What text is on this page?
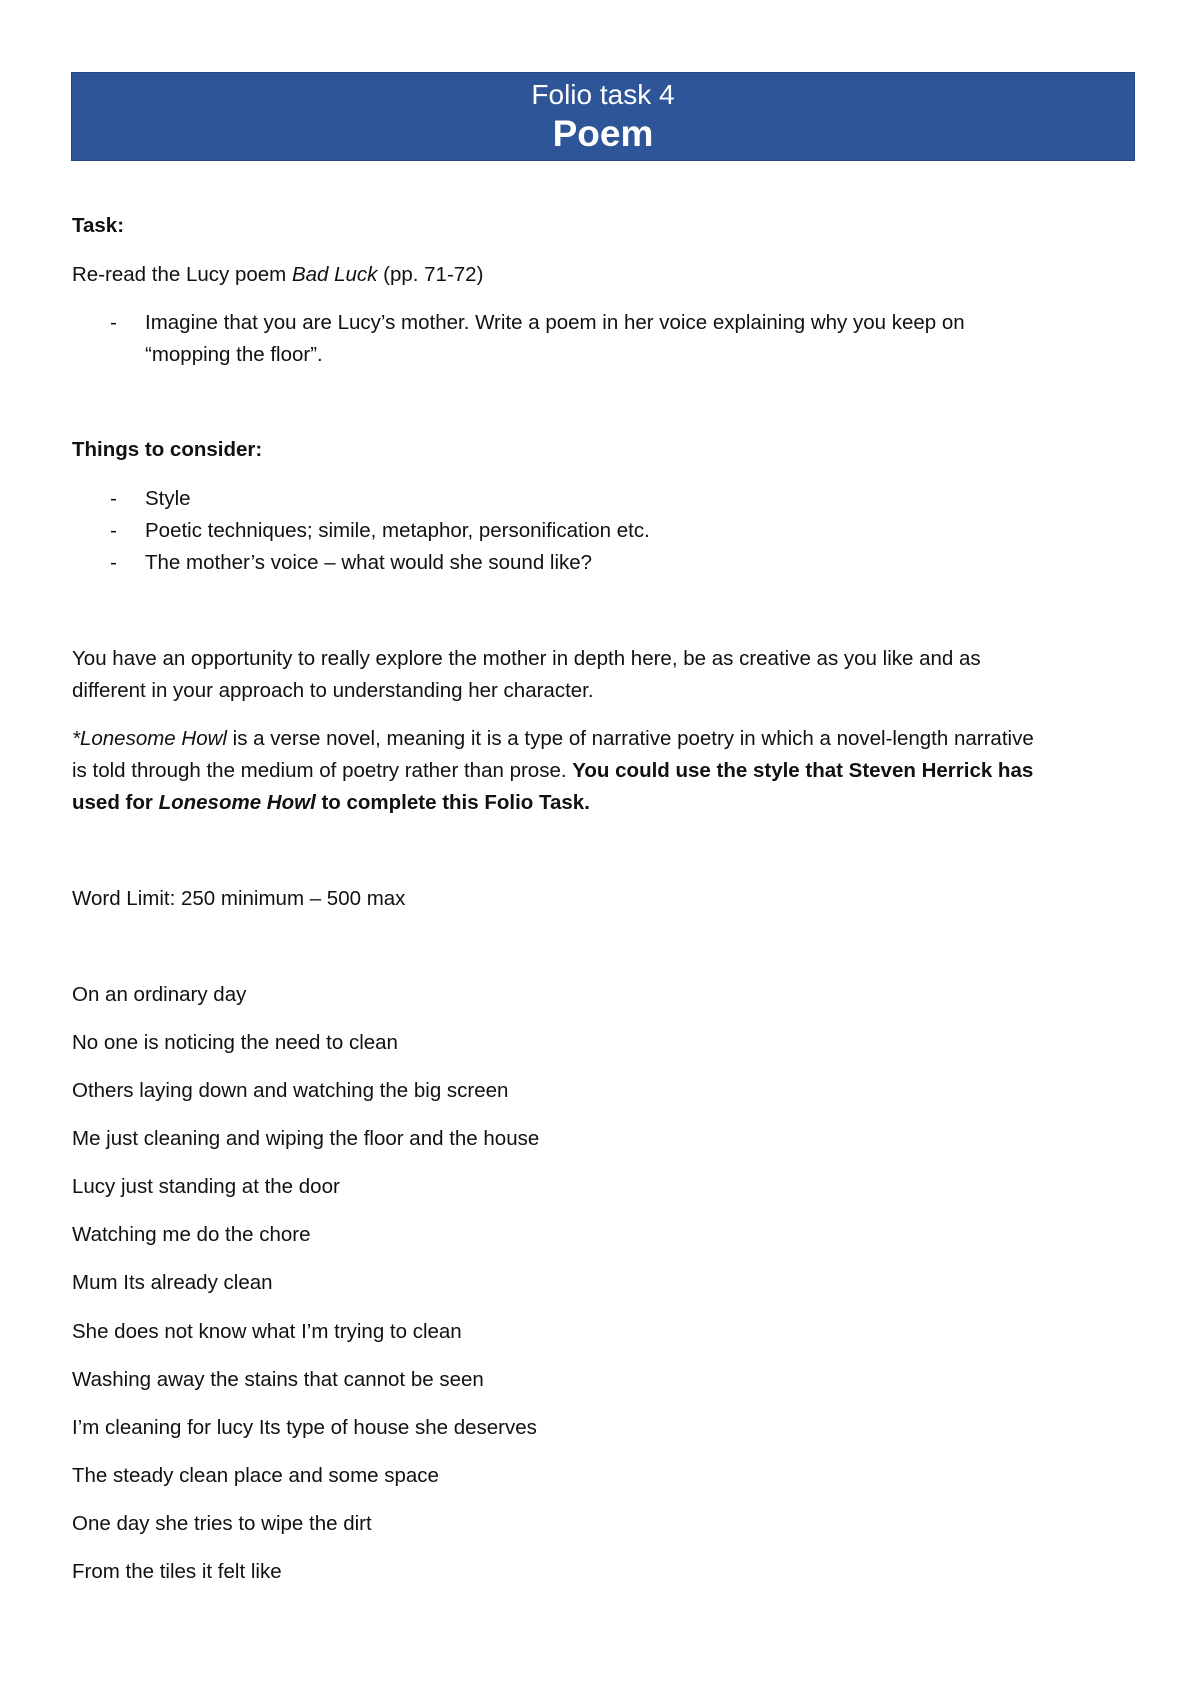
Folio task 4
Poem
Task:
Re-read the Lucy poem Bad Luck (pp. 71-72)
- Imagine that you are Lucy’s mother. Write a poem in her voice explaining why you keep on
“mopping the floor”.
Things to consider:
- Style
- Poetic techniques; simile, metaphor, personification etc.
- The mother’s voice – what would she sound like?
You have an opportunity to really explore the mother in depth here, be as creative as you like and as
different in your approach to understanding her character.
*Lonesome Howl is a verse novel, meaning it is a type of narrative poetry in which a novel-length narrative
is told through the medium of poetry rather than prose. You could use the style that Steven Herrick has
used for Lonesome Howl to complete this Folio Task.
Word Limit: 250 minimum – 500 max
On an ordinary day
No one is noticing the need to clean
Others laying down and watching the big screen
Me just cleaning and wiping the floor and the house
Lucy just standing at the door
Watching me do the chore
Mum Its already clean
She does not know what I’m trying to clean
Washing away the stains that cannot be seen
I’m cleaning for lucy Its type of house she deserves
The steady clean place and some space
One day she tries to wipe the dirt
From the tiles it felt like
